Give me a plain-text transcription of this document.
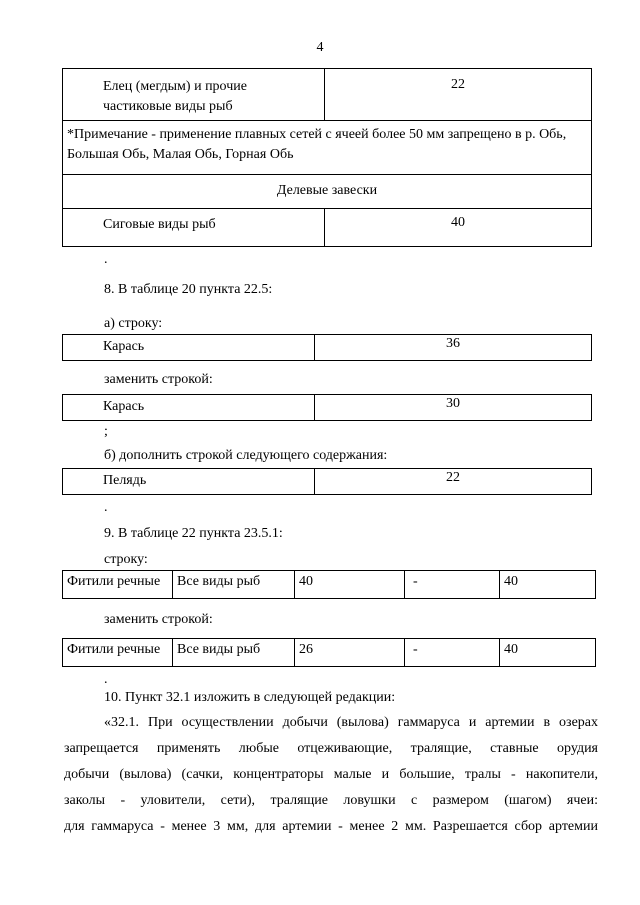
4
Елец (мегдым) и прочие частиковые виды рыб	22
*Примечание - применение плавных сетей с ячеей более 50 мм запрещено в р. Обь, Большая Обь, Малая Обь, Горная Обь	
Делевые завески	
Сиговые виды рыб	40
.
8. В таблице 20 пункта 22.5:
а) строку:
Карась	36
заменить строкой:
Карась	30
;
б) дополнить строкой следующего содержания:
Пелядь	22
.
9. В таблице 22 пункта 23.5.1:
строку:
Фитили речные	Все виды рыб	40	-	40
заменить строкой:
Фитили речные	Все виды рыб	26	-	40
.
10. Пункт 32.1 изложить в следующей редакции:
«32.1. При осуществлении добычи (вылова) гаммаруса и артемии в озерах
запрещается применять любые отцеживающие, тралящие, ставные орудия
добычи (вылова) (сачки, концентраторы малые и большие, тралы - накопители,
заколы - уловители, сети), тралящие ловушки с размером (шагом) ячеи:
для гаммаруса - менее 3 мм, для артемии - менее 2 мм. Разрешается сбор артемии
